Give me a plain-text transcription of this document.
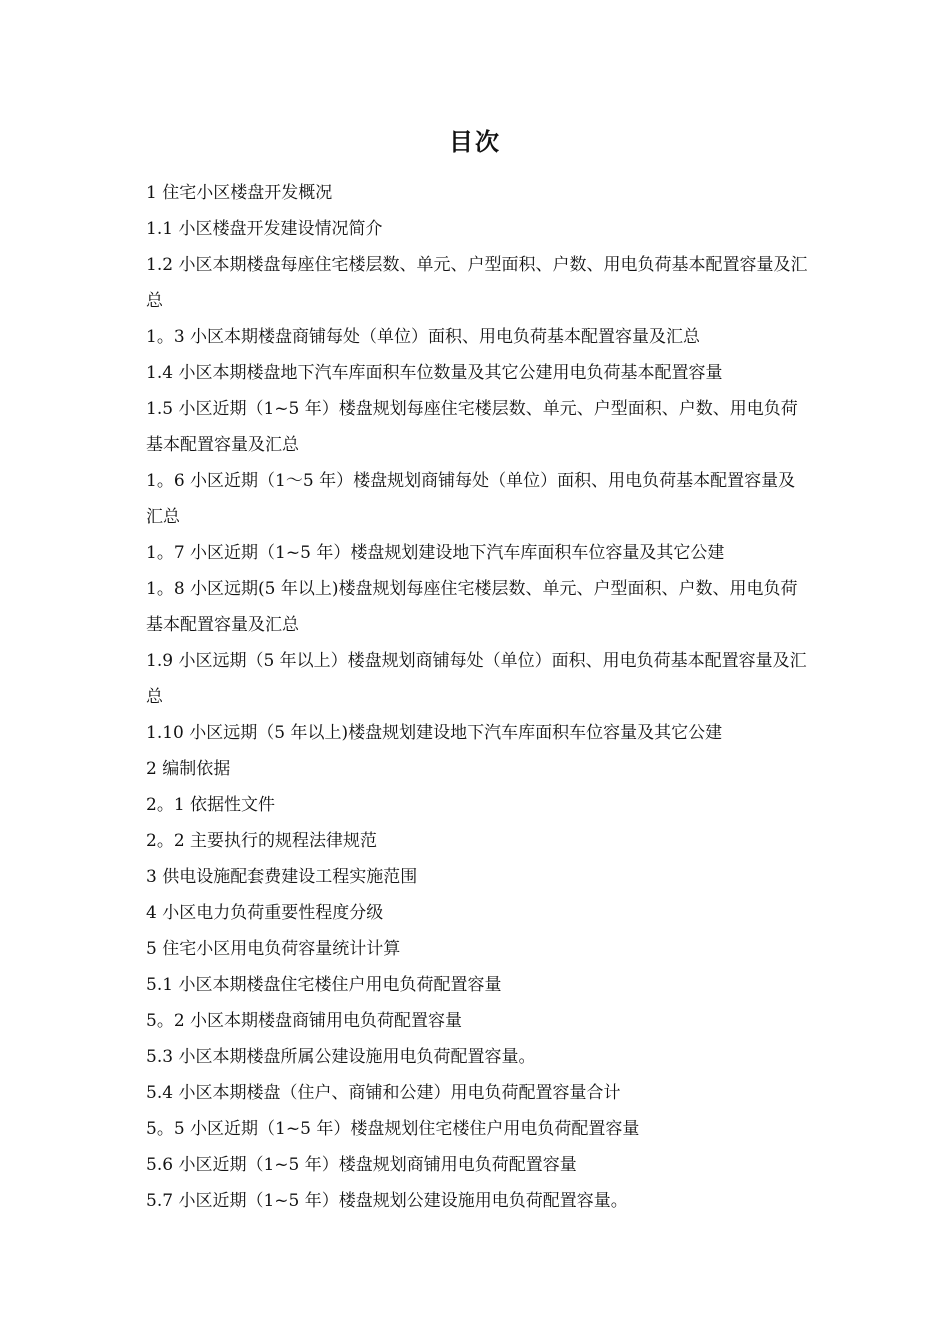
目次
1 住宅小区楼盘开发概况
1.1 小区楼盘开发建设情况简介
1.2 小区本期楼盘每座住宅楼层数、单元、户型面积、户数、用电负荷基本配置容量及汇总
1。3 小区本期楼盘商铺每处（单位）面积、用电负荷基本配置容量及汇总
1.4 小区本期楼盘地下汽车库面积车位数量及其它公建用电负荷基本配置容量
1.5 小区近期（1~5 年）楼盘规划每座住宅楼层数、单元、户型面积、户数、用电负荷基本配置容量及汇总
1。6 小区近期（1～5 年）楼盘规划商铺每处（单位）面积、用电负荷基本配置容量及汇总
1。7 小区近期（1~5 年）楼盘规划建设地下汽车库面积车位容量及其它公建
1。8 小区远期(5 年以上)楼盘规划每座住宅楼层数、单元、户型面积、户数、用电负荷基本配置容量及汇总
1.9 小区远期（5 年以上）楼盘规划商铺每处（单位）面积、用电负荷基本配置容量及汇总
1.10 小区远期（5 年以上)楼盘规划建设地下汽车库面积车位容量及其它公建
2 编制依据
2。1 依据性文件
2。2 主要执行的规程法律规范
3 供电设施配套费建设工程实施范围
4 小区电力负荷重要性程度分级
5 住宅小区用电负荷容量统计计算
5.1 小区本期楼盘住宅楼住户用电负荷配置容量
5。2 小区本期楼盘商铺用电负荷配置容量
5.3 小区本期楼盘所属公建设施用电负荷配置容量。
5.4 小区本期楼盘（住户、商铺和公建）用电负荷配置容量合计
5。5 小区近期（1~5 年）楼盘规划住宅楼住户用电负荷配置容量
5.6 小区近期（1~5 年）楼盘规划商铺用电负荷配置容量
5.7 小区近期（1~5 年）楼盘规划公建设施用电负荷配置容量。
